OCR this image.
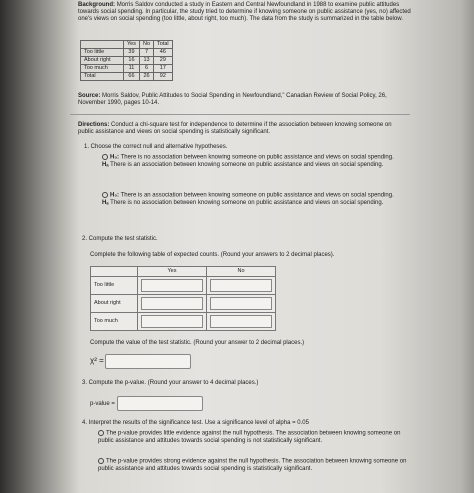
Background: Morris Saldov conducted a study in Eastern and Central Newfoundland in 1988 to examine public attitudes towards social spending. In particular, the study tried to determine if knowing someone on public assistance (yes, no) affected one's views on social spending (too little, about right, too much). The data from the study is summarized in the table below.
	Yes	No	Total
Too little	39	7	46
About right	16	13	29
Too much	11	6	17
Total	66	26	92
Source: Morris Saldov, Public Attitudes to Social Spending in Newfoundland," Canadian Review of Social Policy, 26, November 1990, pages 10-14.
Directions: Conduct a chi-square test for independence to determine if the association between knowing someone on public assistance and views on social spending is statistically significant.
1. Choose the correct null and alternative hypotheses.
H₀: There is no association between knowing someone on public assistance and views on social spending.
Hₐ There is an association between knowing someone on public assistance and views on social spending.
H₀: There is an association between knowing someone on public assistance and views on social spending.
Hₐ There is no association between knowing someone on public assistance and views on social spending.
2. Compute the test statistic.
Complete the following table of expected counts. (Round your answers to 2 decimal places).
	Yes	No
Too little		
About right		
Too much		
Compute the value of the test statistic. (Round your answer to 2 decimal places.)
χ² =
3. Compute the p-value. (Round your answer to 4 decimal places.)
p-value =
4. Interpret the results of the significance test. Use a significance level of alpha = 0.05
The p-value provides little evidence against the null hypothesis. The association between knowing someone on public assistance and attitudes towards social spending is not statistically significant.
The p-value provides strong evidence against the null hypothesis. The association between knowing someone on public assistance and attitudes towards social spending is statistically significant.
